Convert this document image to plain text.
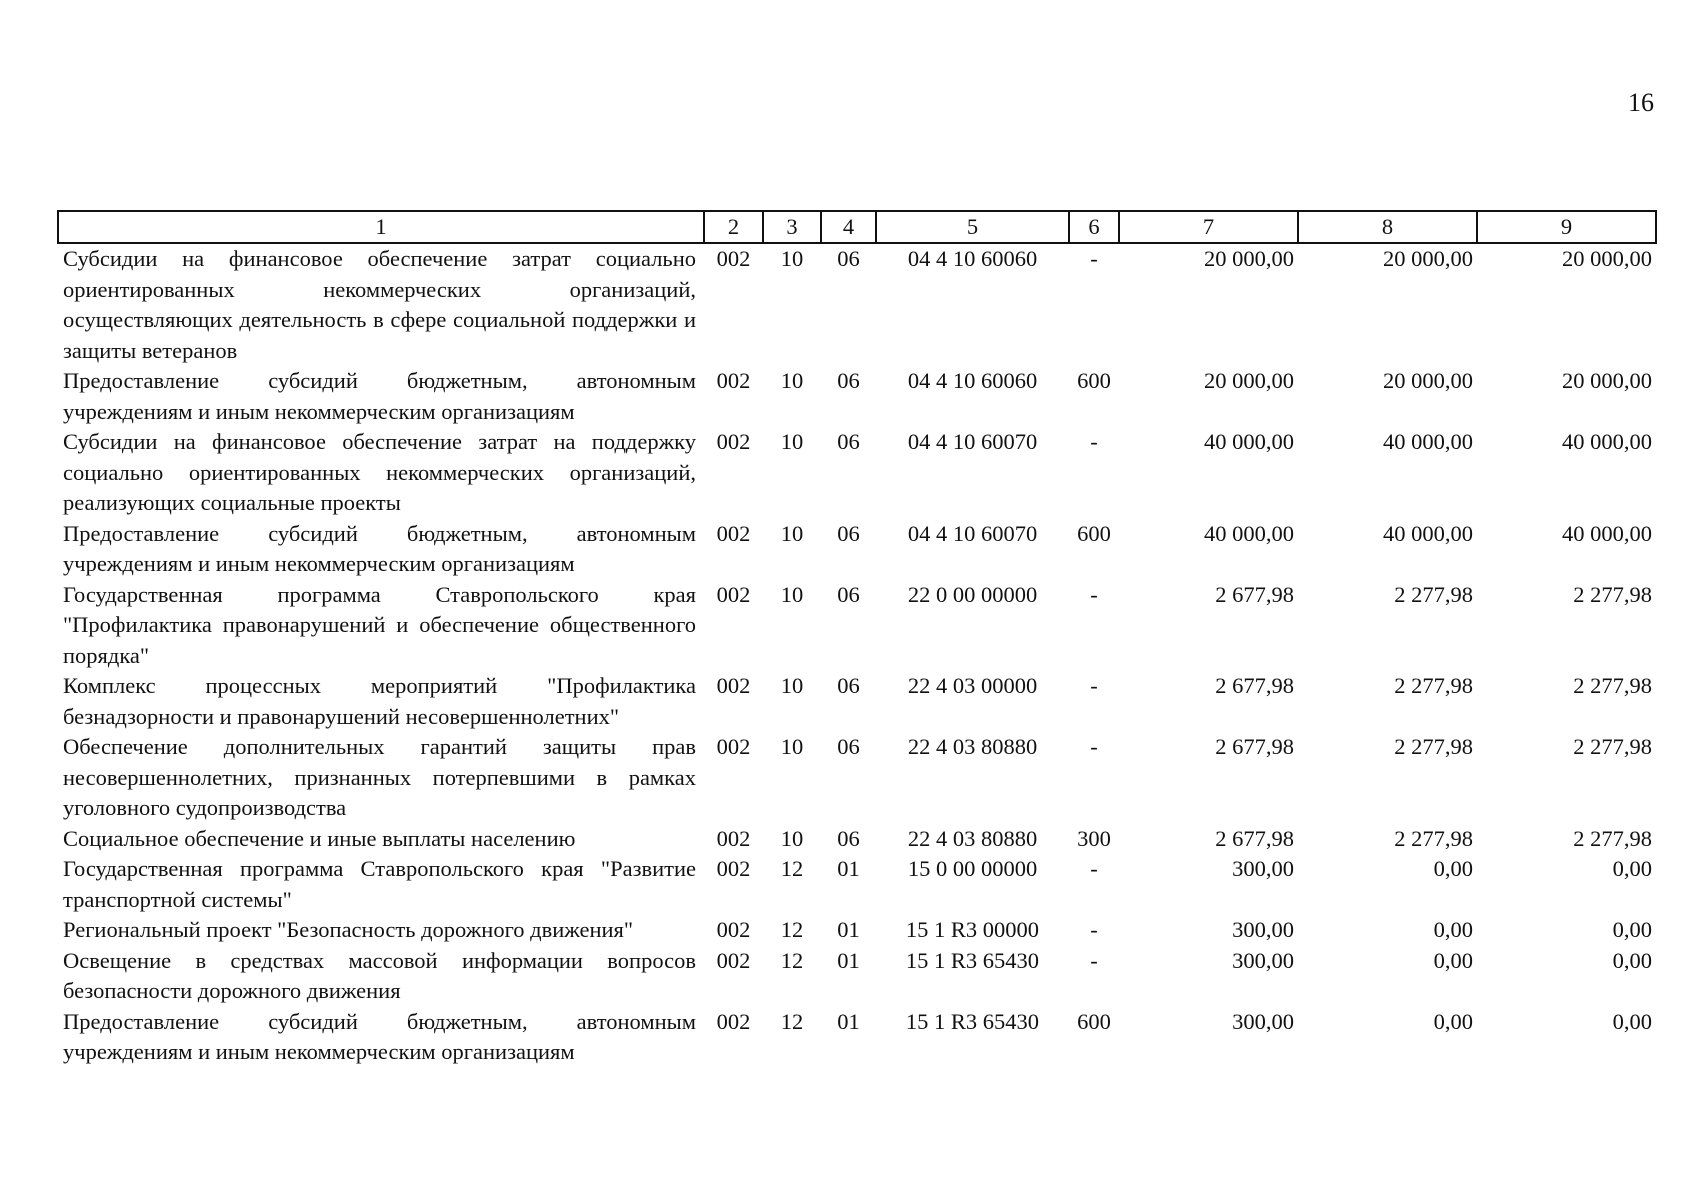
16
1	2	3	4	5	6	7	8	9
Субсидии на финансовое обеспечение затрат социально ориентированных некоммерческих организаций, осуществляющих деятельность в сфере социальной поддержки и защиты ветеранов	002	10	06	04 4 10 60060	-	20 000,00	20 000,00	20 000,00
Предоставление субсидий бюджетным, автономным учреждениям и иным некоммерческим организациям	002	10	06	04 4 10 60060	600	20 000,00	20 000,00	20 000,00
Субсидии на финансовое обеспечение затрат на поддержку социально ориентированных некоммерческих организаций, реализующих социальные проекты	002	10	06	04 4 10 60070	-	40 000,00	40 000,00	40 000,00
Предоставление субсидий бюджетным, автономным учреждениям и иным некоммерческим организациям	002	10	06	04 4 10 60070	600	40 000,00	40 000,00	40 000,00
Государственная программа Ставропольского края "Профилактика правонарушений и обеспечение общественного порядка"	002	10	06	22 0 00 00000	-	2 677,98	2 277,98	2 277,98
Комплекс процессных мероприятий "Профилактика безнадзорности и правонарушений несовершеннолетних"	002	10	06	22 4 03 00000	-	2 677,98	2 277,98	2 277,98
Обеспечение дополнительных гарантий защиты прав несовершеннолетних, признанных потерпевшими в рамках уголовного судопроизводства	002	10	06	22 4 03 80880	-	2 677,98	2 277,98	2 277,98
Социальное обеспечение и иные выплаты населению	002	10	06	22 4 03 80880	300	2 677,98	2 277,98	2 277,98
Государственная программа Ставропольского края "Развитие транспортной системы"	002	12	01	15 0 00 00000	-	300,00	0,00	0,00
Региональный проект "Безопасность дорожного движения"	002	12	01	15 1 R3 00000	-	300,00	0,00	0,00
Освещение в средствах массовой информации вопросов безопасности дорожного движения	002	12	01	15 1 R3 65430	-	300,00	0,00	0,00
Предоставление субсидий бюджетным, автономным учреждениям и иным некоммерческим организациям	002	12	01	15 1 R3 65430	600	300,00	0,00	0,00
